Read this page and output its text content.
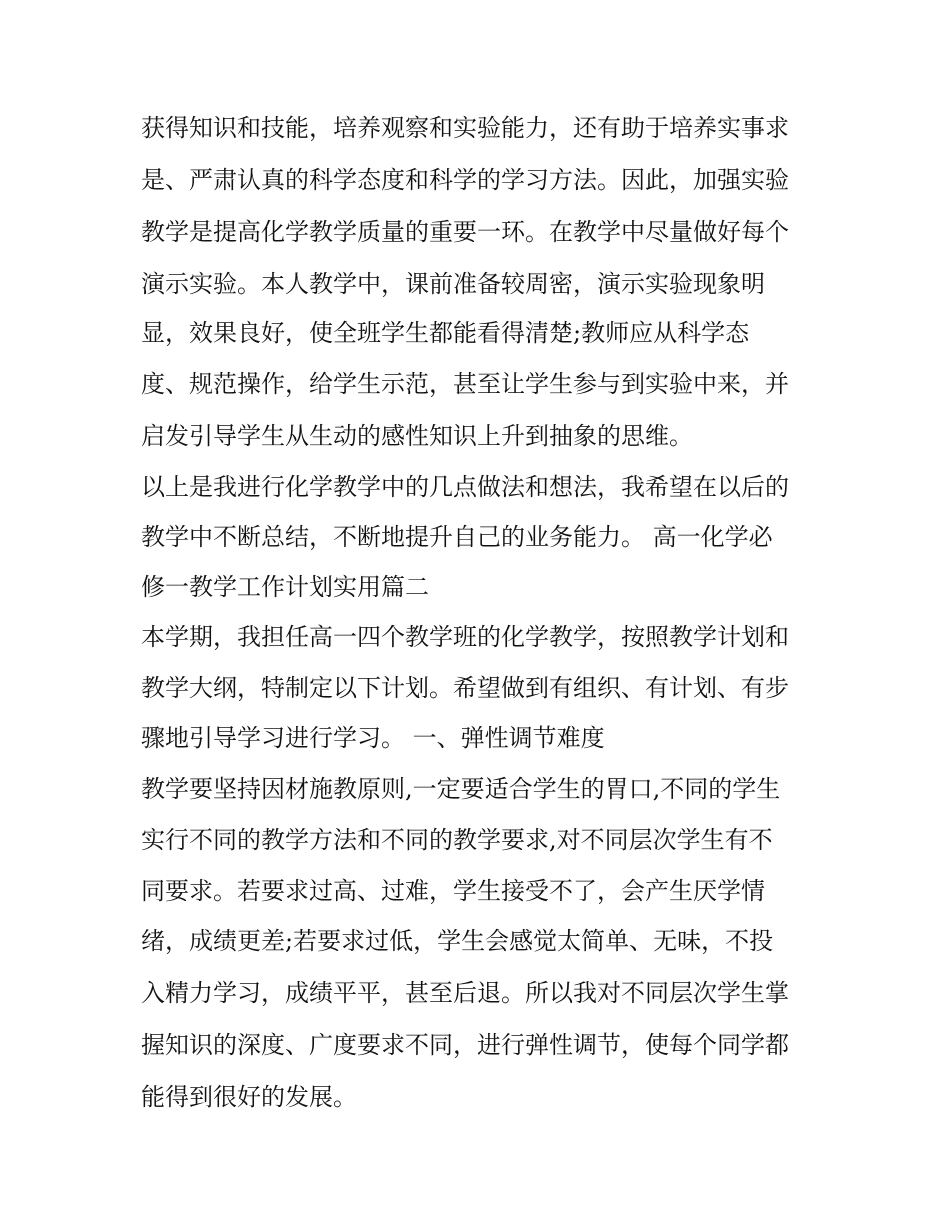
获得知识和技能，培养观察和实验能力，还有助于培养实事求

是、严肃认真的科学态度和科学的学习方法。因此，加强实验

教学是提高化学教学质量的重要一环。在教学中尽量做好每个

演示实验。本人教学中，课前准备较周密，演示实验现象明

显，效果良好，使全班学生都能看得清楚;教师应从科学态

度、规范操作，给学生示范，甚至让学生参与到实验中来，并

启发引导学生从生动的感性知识上升到抽象的思维。

以上是我进行化学教学中的几点做法和想法，我希望在以后的

教学中不断总结，不断地提升自己的业务能力。 高一化学必

修一教学工作计划实用篇二

本学期，我担任高一四个教学班的化学教学，按照教学计划和

教学大纲，特制定以下计划。希望做到有组织、有计划、有步

骤地引导学习进行学习。 一、弹性调节难度

教学要坚持因材施教原则,一定要适合学生的胃口,不同的学生

实行不同的教学方法和不同的教学要求,对不同层次学生有不

同要求。若要求过高、过难，学生接受不了，会产生厌学情

绪，成绩更差;若要求过低，学生会感觉太简单、无味，不投

入精力学习，成绩平平，甚至后退。所以我对不同层次学生掌

握知识的深度、广度要求不同，进行弹性调节，使每个同学都

能得到很好的发展。
